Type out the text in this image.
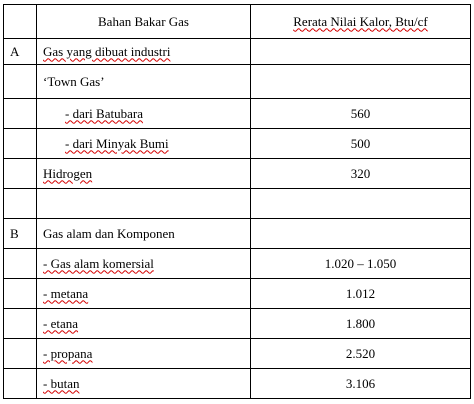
	Bahan Bakar Gas	Rerata Nilai Kalor, Btu/cf
A	Gas yang dibuat industri	
	‘Town Gas’	
	- dari Batubara	560
	- dari Minyak Bumi	500
	Hidrogen	320

B	Gas alam dan Komponen	
	- Gas alam komersial	1.020 – 1.050
	- metana	1.012
	- etana	1.800
	- propana	2.520
	- butan	3.106
